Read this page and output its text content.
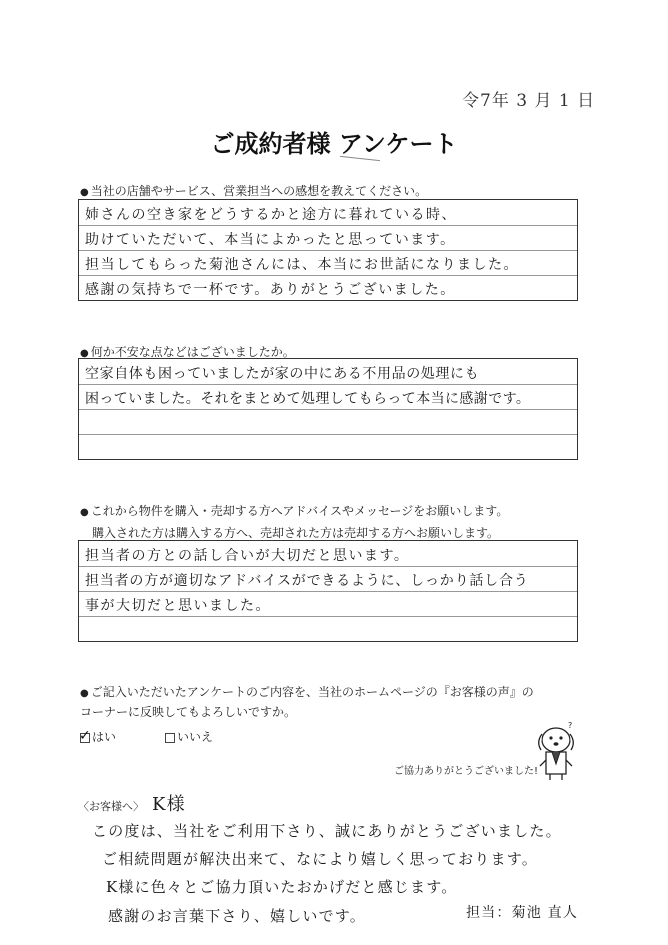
令7年 3 月 1 日
ご成約者様 アンケート
● 当社の店舗やサービス、営業担当への感想を教えてください。
姉さんの空き家をどうするかと途方に暮れている時、
助けていただいて、本当によかったと思っています。
担当してもらった菊池さんには、本当にお世話になりました。
感謝の気持ちで一杯です。ありがとうございました。
● 何か不安な点などはございましたか。
空家自体も困っていましたが家の中にある不用品の処理にも
困っていました。それをまとめて処理してもらって本当に感謝です。
● これから物件を購入・売却する方へアドバイスやメッセージをお願いします。
購入された方は購入する方へ、売却された方は売却する方へお願いします。
担当者の方との話し合いが大切だと思います。
担当者の方が適切なアドバイスができるように、しっかり話し合う
事が大切だと思いました。
● ご記入いただいたアンケートのご内容を、当社のホームページの『お客様の声』の
コーナーに反映してもよろしいですか。
✓ はい	いいえ
?
ご協力ありがとうございました!
〈お客様へ〉 K様
この度は、当社をご利用下さり、誠にありがとうございました。
ご相続問題が解決出来て、なにより嬉しく思っております。
K様に色々とご協力頂いたおかげだと感じます。
感謝のお言葉下さり、嬉しいです。	担当：菊池 直人
